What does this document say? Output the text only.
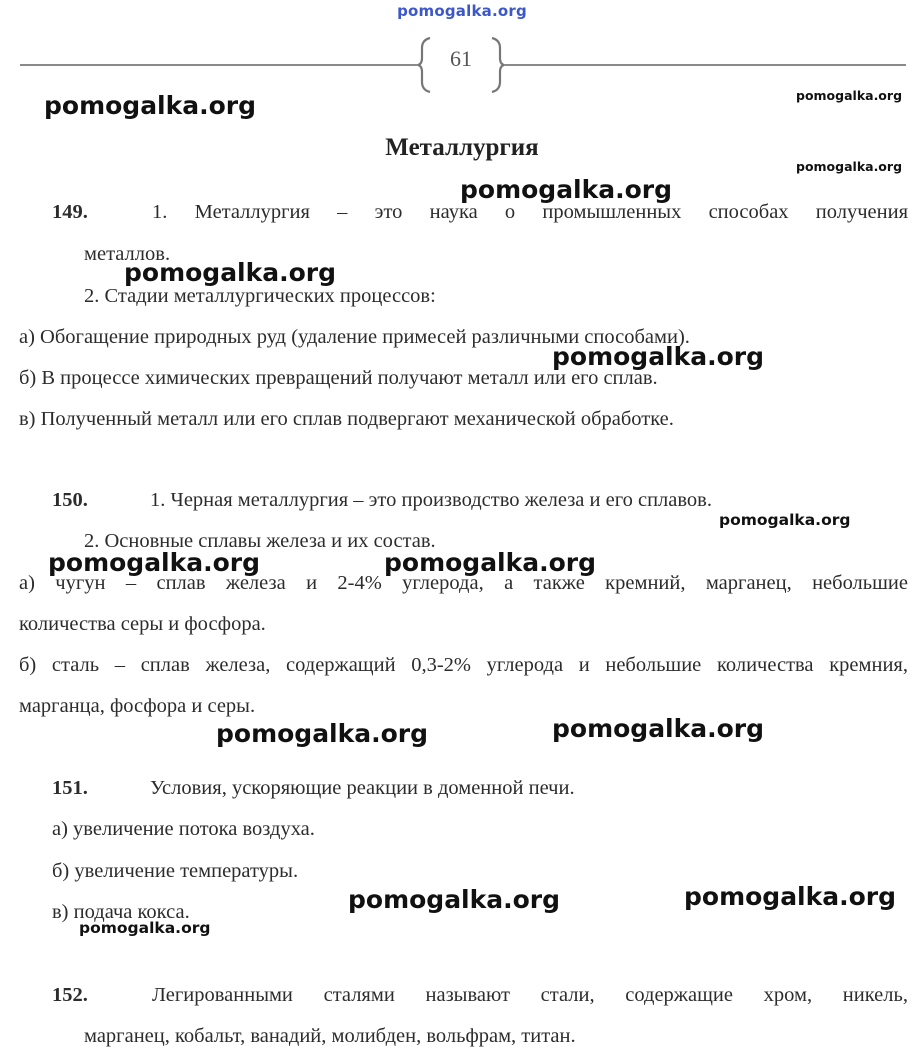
pomogalka.org
61
Металлургия
149.	1. Металлургия – это наука о промышленных способах получения
металлов.
2. Стадии металлургических процессов:
а) Обогащение природных руд (удаление примесей различными способами).
б) В процессе химических превращений получают металл или его сплав.
в) Полученный металл или его сплав подвергают механической обработке.
150.	1. Черная металлургия – это производство железа и его сплавов.
2. Основные сплавы железа и их состав.
а) чугун – сплав железа и 2-4% углерода, а также кремний, марганец, небольшие
количества серы и фосфора.
б) сталь – сплав железа, содержащий 0,3-2% углерода и небольшие количества кремния,
марганца, фосфора и серы.
151.	Условия, ускоряющие реакции в доменной печи.
а) увеличение потока воздуха.
б) увеличение температуры.
в) подача кокса.
152.	Легированными сталями называют стали, содержащие хром, никель,
марганец, кобальт, ванадий, молибден, вольфрам, титан.
pomogalka.org	pomogalka.org
pomogalka.org
pomogalka.org
pomogalka.org
pomogalka.org
pomogalka.org
pomogalka.org	pomogalka.org
pomogalka.org	pomogalka.org
pomogalka.org	pomogalka.org
pomogalka.org
